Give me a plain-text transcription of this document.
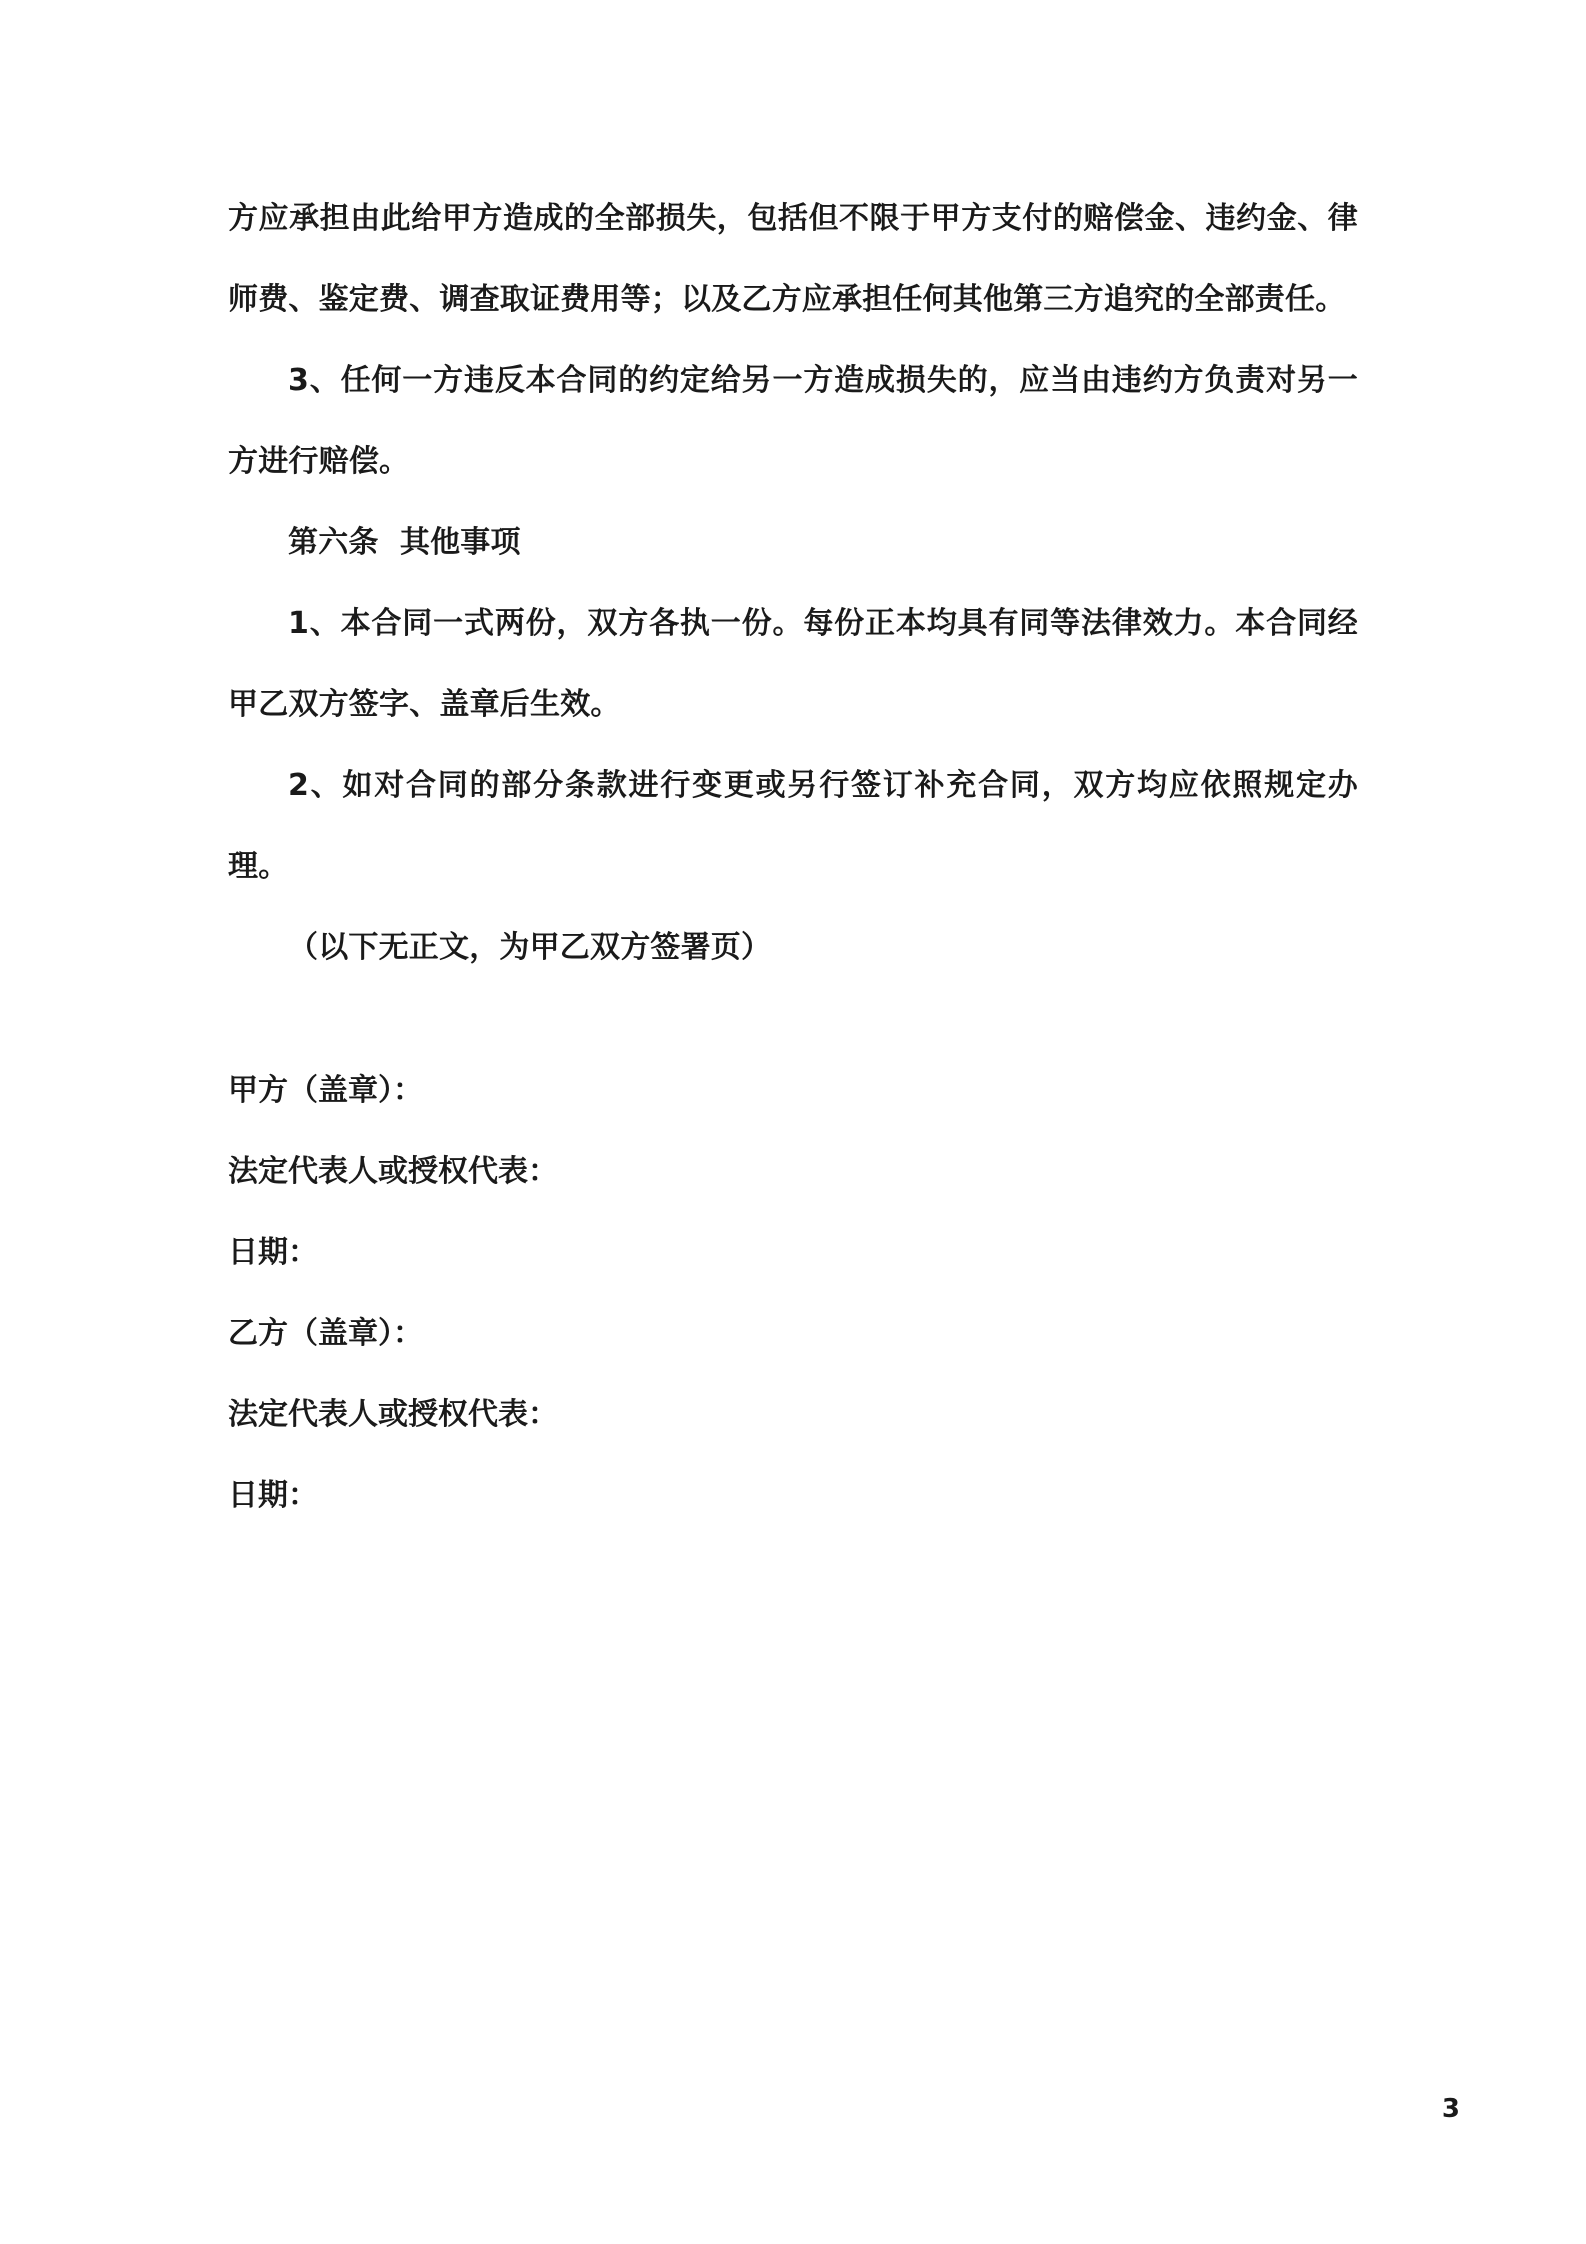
方应承担由此给甲方造成的全部损失，包括但不限于甲方支付的赔偿金、违约金、律师费、鉴定费、调查取证费用等；以及乙方应承担任何其他第三方追究的全部责任。

3、任何一方违反本合同的约定给另一方造成损失的，应当由违约方负责对另一方进行赔偿。

第六条  其他事项

1、本合同一式两份，双方各执一份。每份正本均具有同等法律效力。本合同经甲乙双方签字、盖章后生效。

2、如对合同的部分条款进行变更或另行签订补充合同，双方均应依照规定办理。

（以下无正文，为甲乙双方签署页）

甲方（盖章）：

法定代表人或授权代表：

日期：

乙方（盖章）：

法定代表人或授权代表：

日期：

3
